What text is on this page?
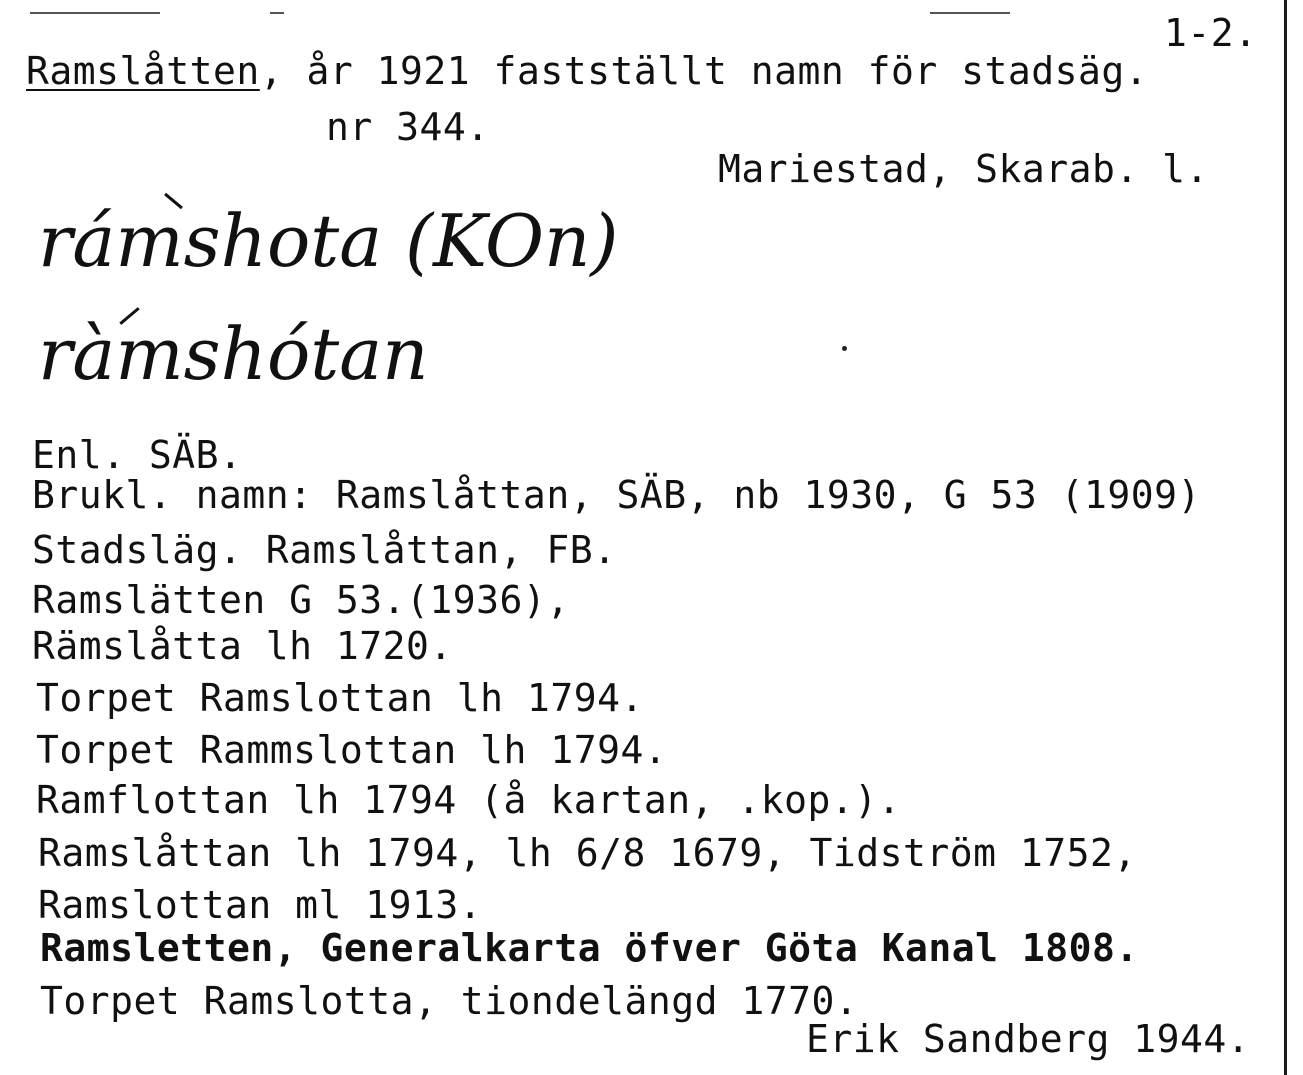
1-2.
Ramslåtten, år 1921 fastställt namn för stadsäg.
nr 344.
Mariestad, Skarab. l.
rámshota (KOn)
ràmshótan
Enl. SÄB.
Brukl. namn: Ramslåttan, SÄB, nb 1930, G 53 (1909)
Stadsläg. Ramslåttan, FB.
Ramslätten G 53.(1936),
Rämslåtta lh 1720.
Torpet Ramslottan lh 1794.
Torpet Rammslottan lh 1794.
Ramflottan lh 1794 (å kartan, .kop.).
Ramslåttan lh 1794, lh 6/8 1679, Tidström 1752,
Ramslottan ml 1913.
Ramsletten, Generalkarta öfver Göta Kanal 1808.
Torpet Ramslotta, tiondelängd 1770.
Erik Sandberg 1944.
